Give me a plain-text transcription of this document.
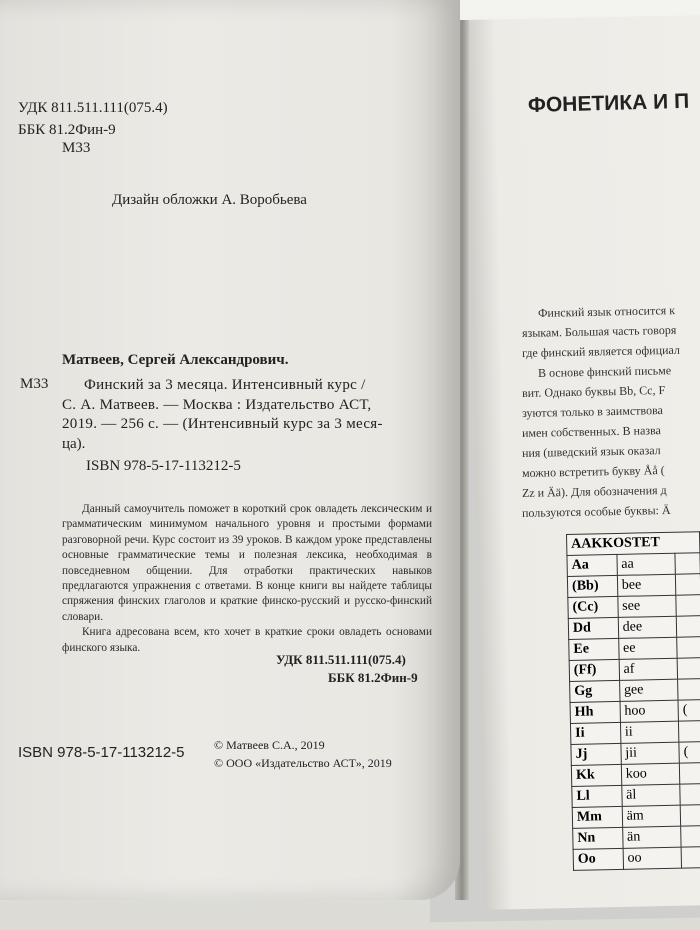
УДК 811.511.111(075.4)
ББК 81.2Фин-9
М33
Дизайн обложки А. Воробьева
Матвеев, Сергей Александрович.
М33	Финский за 3 месяца. Интенсивный курс /
С. А. Матвеев. — Москва : Издательство АСТ,
2019. — 256 с. — (Интенсивный курс за 3 меся-
ца).
ISBN 978-5-17-113212-5

Данный самоучитель поможет в короткий срок овладеть лексическим и грамматическим минимумом начального уровня и простыми формами разговорной речи. Курс состоит из 39 уроков. В каждом уроке представлены основные грамматические темы и полезная лексика, необходимая в повседневном общении. Для отработки практических навыков предлагаются упражнения с ответами. В конце книги вы найдете таблицы спряжения финских глаголов и краткие финско-русский и русско-финский словари.

Книга адресована всем, кто хочет в краткие сроки овладеть основами финского языка.

УДК 811.511.111(075.4)
ББК 81.2Фин-9
ISBN 978-5-17-113212-5 © Матвеев С.А., 2019
© ООО «Издательство АСТ», 2019
ФОНЕТИКА И П
Финский язык относится к
языкам. Большая часть говоря
где финский является официал
В основе финский письме
вит. Однако буквы Bb, Cc, F
зуются только в заимствова
имен собственных. В назва
ния (шведский язык оказал
можно встретить букву Åå (
Zz и Ää). Для обозначения д
пользуются особые буквы: Ä
AAKKOSTET		
Aa	aa	
(Bb)	bee	
(Cc)	see	
Dd	dee	
Ee	ee	
(Ff)	af	
Gg	gee	
Hh	hoo	(
Ii	ii	
Jj	jii	(
Kk	koo	
Ll	äl	
Mm	äm	
Nn	än	
Oo	oo	
